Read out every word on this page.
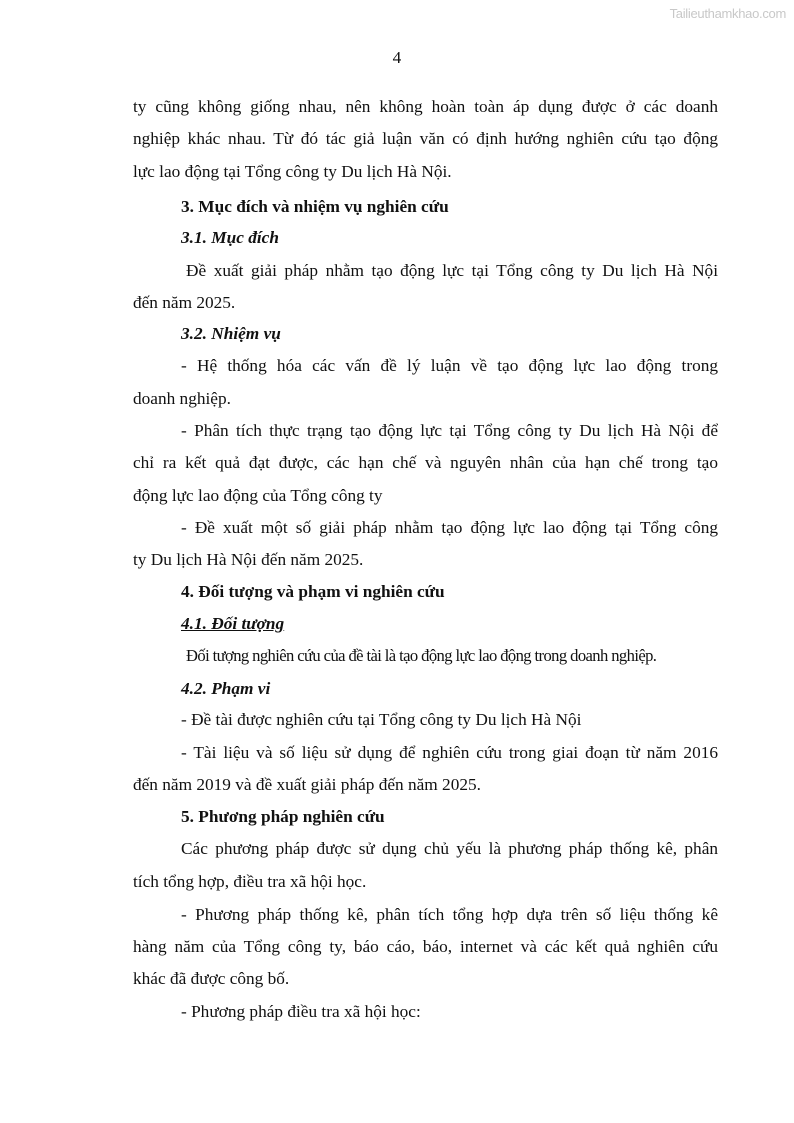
Tailieuthamkhao.com
4
ty cũng không giống nhau, nên không hoàn toàn áp dụng được ở các doanh
nghiệp khác nhau. Từ đó tác giả luận văn có định hướng nghiên cứu tạo động
lực lao động tại Tổng công ty Du lịch Hà Nội.
3. Mục đích và nhiệm vụ nghiên cứu
3.1. Mục đích
Đề xuất giải pháp nhằm tạo động lực tại Tổng công ty Du lịch Hà Nội
đến năm 2025.
3.2. Nhiệm vụ
- Hệ thống hóa các vấn đề lý luận về tạo động lực lao động trong
doanh nghiệp.
- Phân tích thực trạng tạo động lực tại Tổng công ty Du lịch Hà Nội để
chỉ ra kết quả đạt được, các hạn chế và nguyên nhân của hạn chế trong tạo
động lực lao động của Tổng công ty
- Đề xuất một số giải pháp nhằm tạo động lực lao động tại Tổng công
ty Du lịch Hà Nội đến năm 2025.
4. Đối tượng và phạm vi nghiên cứu
4.1. Đối tượng
Đối tượng nghiên cứu của đề tài là tạo động lực lao động trong doanh nghiệp.
4.2. Phạm vi
- Đề tài được nghiên cứu tại Tổng công ty Du lịch Hà Nội
- Tài liệu và số liệu sử dụng để nghiên cứu trong giai đoạn từ năm 2016
đến năm 2019 và đề xuất giải pháp đến năm 2025.
5. Phương pháp nghiên cứu
Các phương pháp được sử dụng chủ yếu là phương pháp thống kê, phân
tích tổng hợp, điều tra xã hội học.
- Phương pháp thống kê, phân tích tổng hợp dựa trên số liệu thống kê
hàng năm của Tổng công ty, báo cáo, báo, internet và các kết quả nghiên cứu
khác đã được công bố.
- Phương pháp điều tra xã hội học:
